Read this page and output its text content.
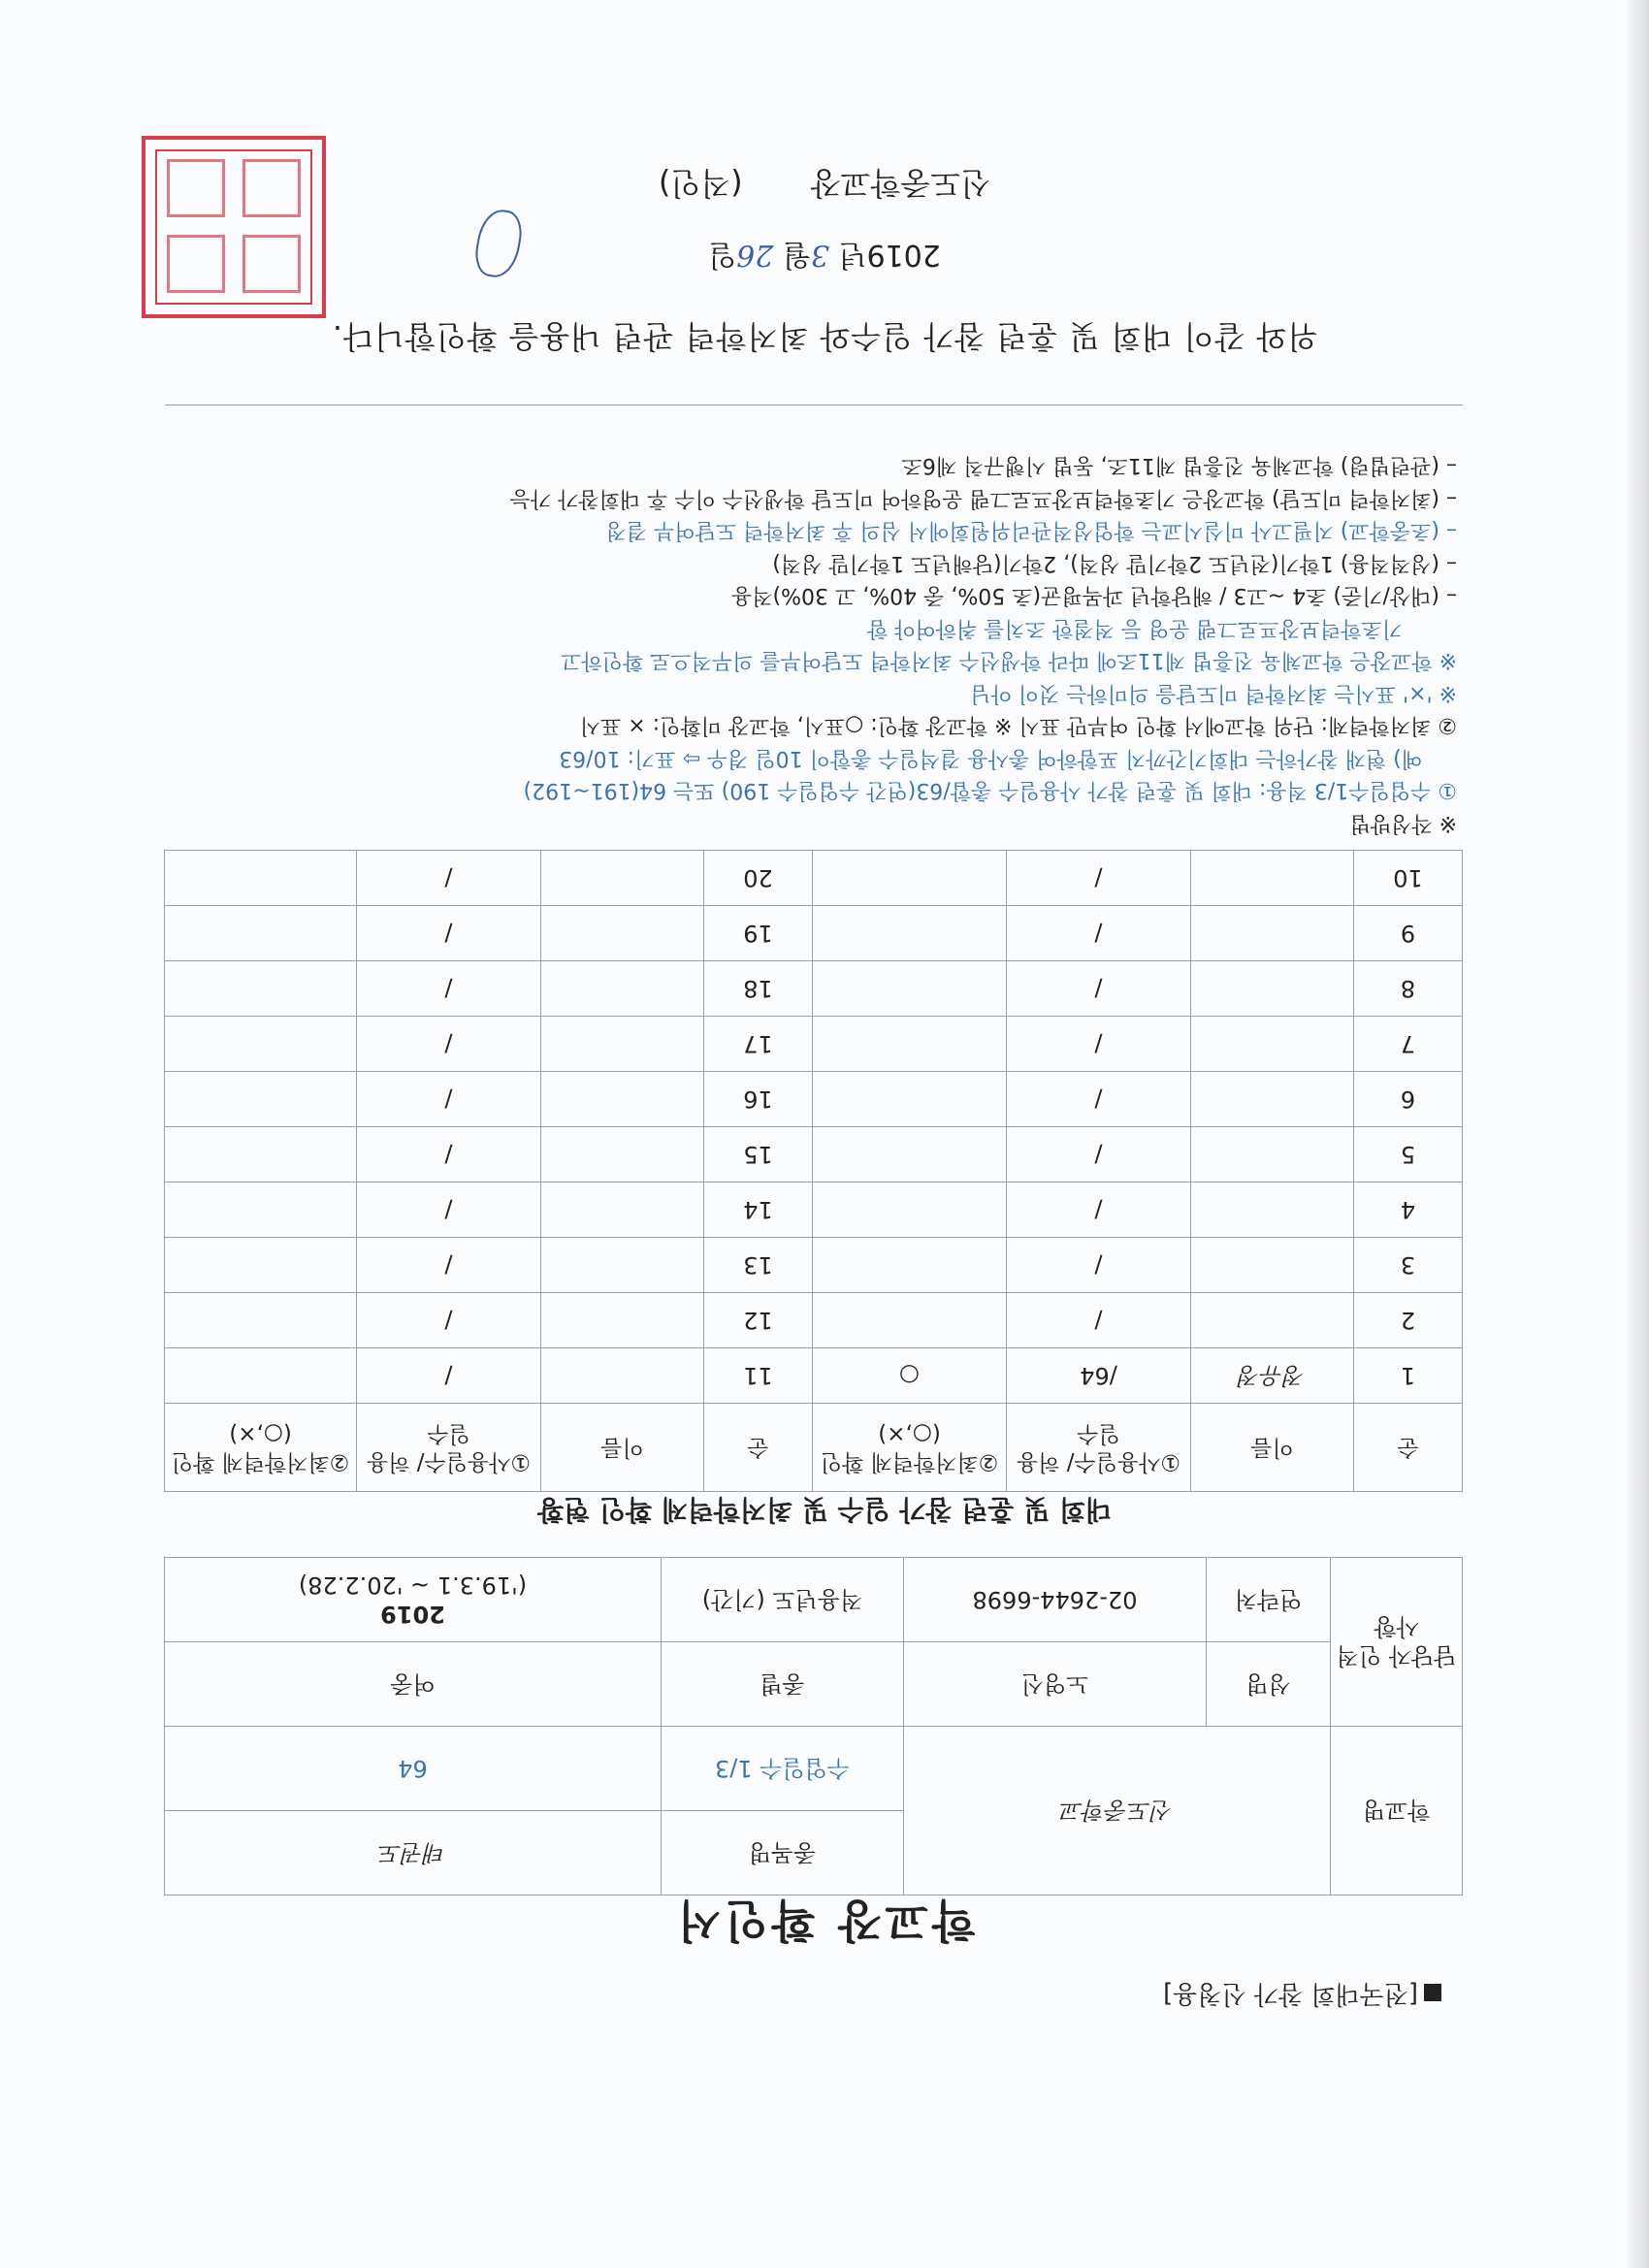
[전국대회 참가 신청용]
학교장 확인서
학교명	신도중학교		종목명	태권도
			수업일수 1/3	64
담당자 인적
사항	성명	노영신	종별	여중
	연락처	02-2644-6698	적용년도 (기간)	2019
('19.3.1 ~ '20.2.28)
대회 및 훈련 참가 일수 및 최저학력제 확인 현황
순	이름	①사용일수/ 허용일수	②최저학력제 확인(○,×)	순	이름	①사용일수/ 허용일수	②최저학력제 확인(○,×)
1	정유정	/64	○	11		/	
2		/		12		/	
3		/		13		/	
4		/		14		/	
5		/		15		/	
6		/		16		/	
7		/		17		/	
8		/		18		/	
9		/		19		/	
10		/		20		/	
※ 작성방법
① 수업일수1/3 적용: 대회 및 훈련 참가 사용일수 총합/63(연간 수업일수 190) 또는 64(191~192)
예) 현재 참가하는 대회기간까지 포함하여 총사용 결석일수 총합이 10일 경우 ⇨ 표기: 10/63
② 최저학력제: 단위 학교에서 확인 여부만 표시 ※ 학교장 확인: ○표시, 학교장 미확인: × 표시
※ '×' 표시는 최저학력 미도달을 의미하는 것이 아님
※ 학교장은 학교체육 진흥법 제11조에 따라 학생선수 최저학력 도달여부를 의무적으로 확인하고
기초학력보장프로그램 운영 등 적절한 조치를 취하여야 함
– (대상/기준) 초4 ~고3 / 해당학년 과목평균(초 50%, 중 40%, 고 30%)적용
– (성적적용) 1학기(전년도 2학기말 성적), 2학기(당해년도 1학기말 성적)
– (초중학교) 지필고사 미실시교는 학업성적관리위원회에서 심의 후 최저학력 도달여부 결정
– (최저학력 미도달) 학교장은 기초학력보장프로그램 운영하여 미도달 학생선수 이수 후 대회참가 가능
– (관련법령) 학교체육 진흥법 제11조, 동법 시행규칙 제6조
위와 같이 대회 및 훈련 참가 일수와 최저학력 관련 내용을 확인합니다.
2019년 3월 26일
신도중학교장(직인)
